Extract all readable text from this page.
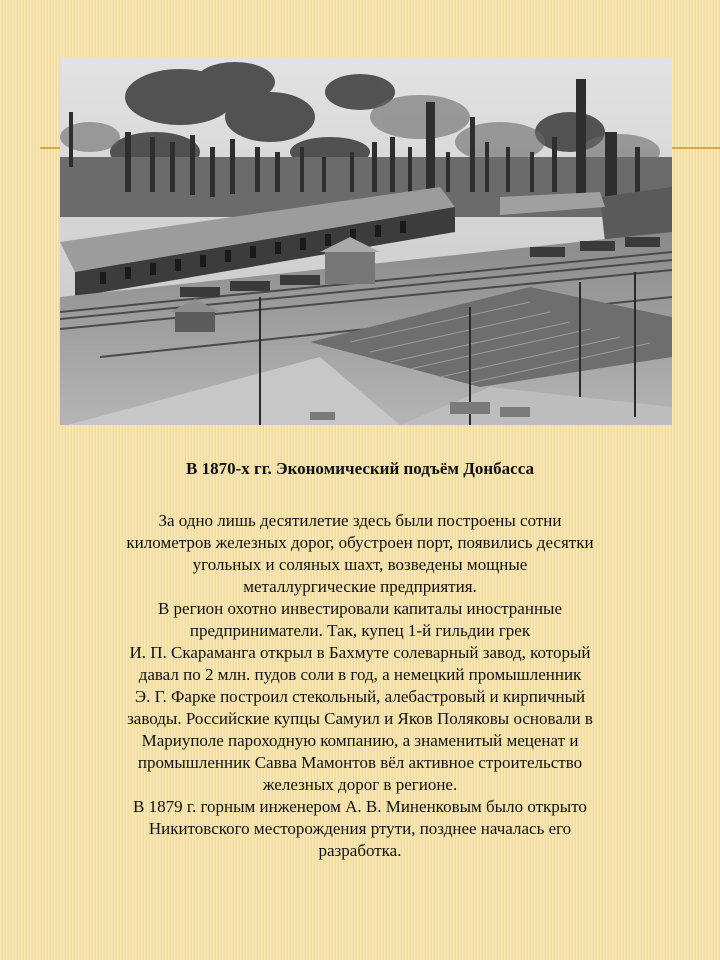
В 1870-х гг. Экономический подъём Донбасса
За одно лишь десятилетие здесь были построены сотни
километров железных дорог, обустроен порт, появились десятки
угольных и соляных шахт, возведены мощные
металлургические предприятия.
В регион охотно инвестировали капиталы иностранные
предприниматели. Так, купец 1-й гильдии грек
И. П. Скараманга открыл в Бахмуте солеварный завод, который
давал по 2 млн. пудов соли в год, а немецкий промышленник
Э. Г. Фарке построил стекольный, алебастровый и кирпичный
заводы. Российские купцы Самуил и Яков Поляковы основали в
Мариуполе пароходную компанию, а знаменитый меценат и
промышленник Савва Мамонтов вёл активное строительство
железных дорог в регионе.
В 1879 г. горным инженером А. В. Миненковым было открыто
Никитовского месторождения ртути, позднее началась его
разработка.
